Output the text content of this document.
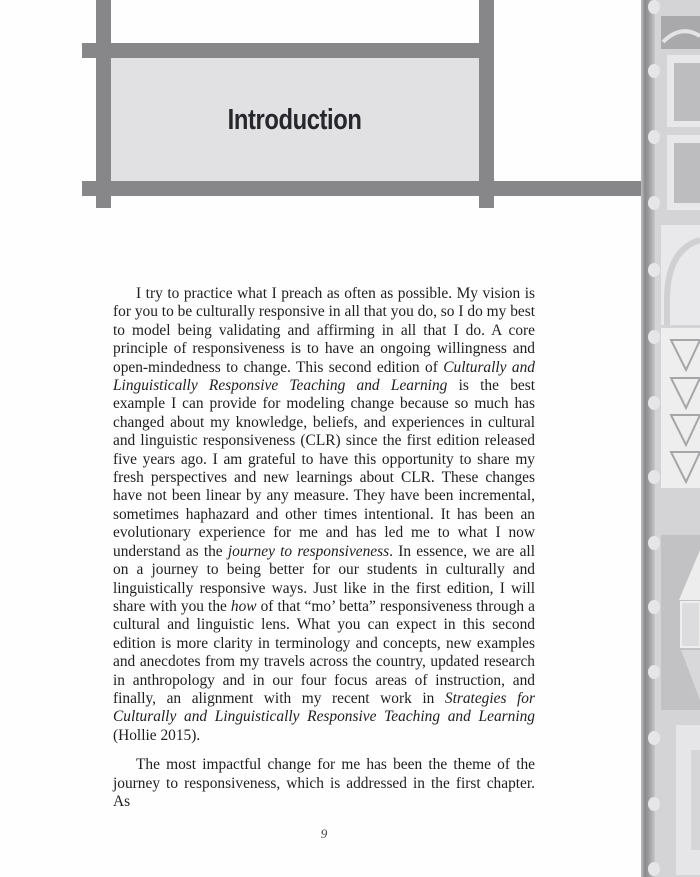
Introduction

I try to practice what I preach as often as possible. My vision is for you to be culturally responsive in all that you do, so I do my best to model being validating and affirming in all that I do. A core principle of responsiveness is to have an ongoing willingness and open-mindedness to change. This second edition of Culturally and Linguistically Responsive Teaching and Learning is the best example I can provide for modeling change because so much has changed about my knowledge, beliefs, and experiences in cultural and linguistic responsiveness (CLR) since the first edition released five years ago. I am grateful to have this opportunity to share my fresh perspectives and new learnings about CLR. These changes have not been linear by any measure. They have been incremental, sometimes haphazard and other times intentional. It has been an evolutionary experience for me and has led me to what I now understand as the journey to responsiveness. In essence, we are all on a journey to being better for our students in culturally and linguistically responsive ways. Just like in the first edition, I will share with you the how of that “mo’ betta” responsiveness through a cultural and linguistic lens. What you can expect in this second edition is more clarity in terminology and concepts, new examples and anecdotes from my travels across the country, updated research in anthropology and in our four focus areas of instruction, and finally, an alignment with my recent work in Strategies for Culturally and Linguistically Responsive Teaching and Learning (Hollie 2015).

The most impactful change for me has been the theme of the journey to responsiveness, which is addressed in the first chapter. As

9
